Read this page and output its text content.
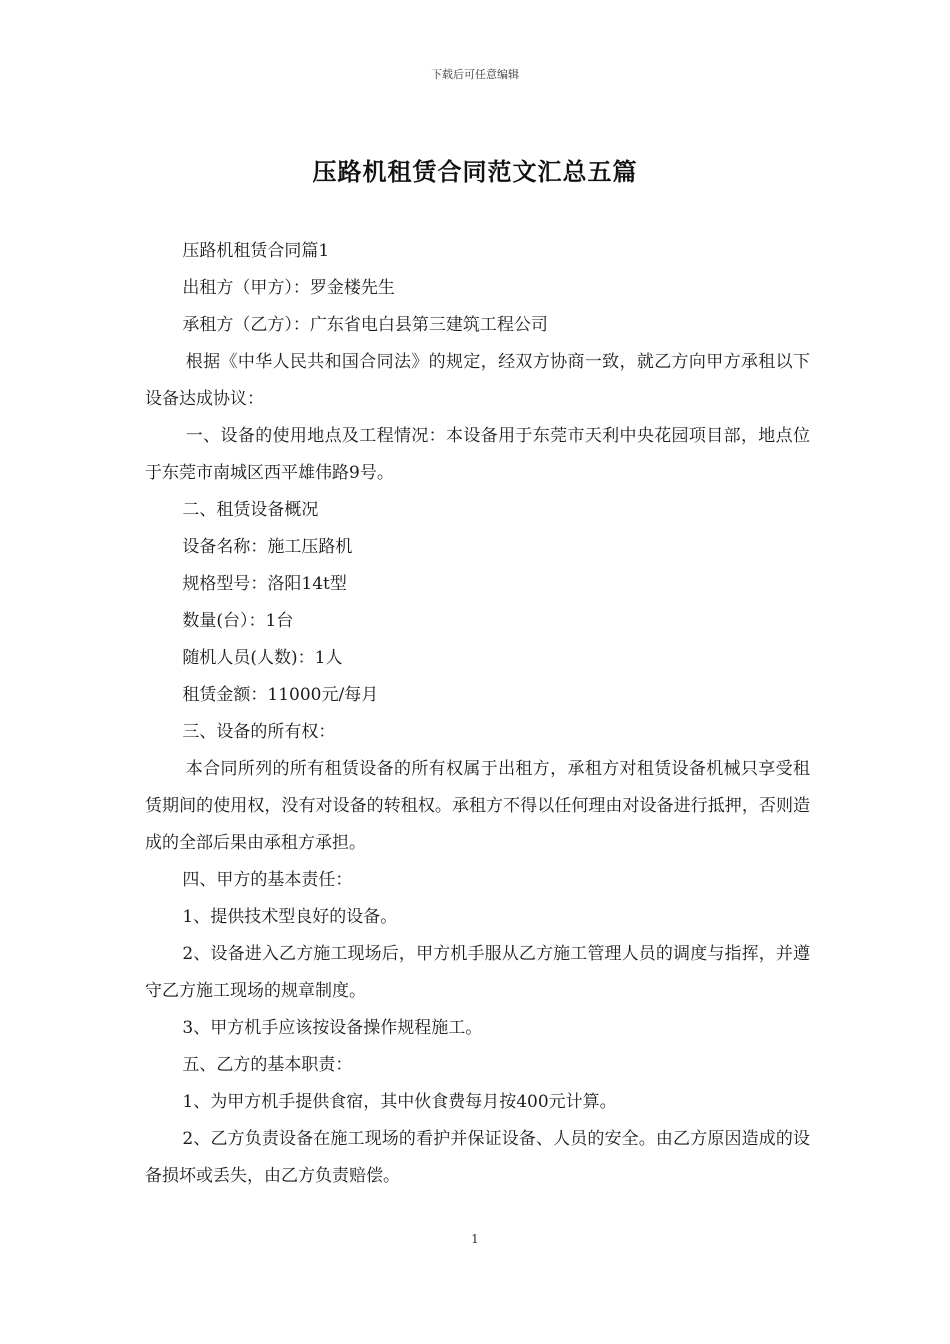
下载后可任意编辑
压路机租赁合同范文汇总五篇

压路机租赁合同篇1

出租方（甲方）：罗金楼先生

承租方（乙方）：广东省电白县第三建筑工程公司

根据《中华人民共和国合同法》的规定，经双方协商一致，就乙方向甲方承租以下设备达成协议：

一、设备的使用地点及工程情况：本设备用于东莞市天利中央花园项目部，地点位于东莞市南城区西平雄伟路9号。

二、租赁设备概况

设备名称：施工压路机

规格型号：洛阳14t型

数量(台）：1台

随机人员(人数)：1人

租赁金额：11000元/每月

三、设备的所有权：

本合同所列的所有租赁设备的所有权属于出租方，承租方对租赁设备机械只享受租赁期间的使用权，没有对设备的转租权。承租方不得以任何理由对设备进行抵押，否则造成的全部后果由承租方承担。

四、甲方的基本责任：

1、提供技术型良好的设备。

2、设备进入乙方施工现场后，甲方机手服从乙方施工管理人员的调度与指挥，并遵守乙方施工现场的规章制度。

3、甲方机手应该按设备操作规程施工。

五、乙方的基本职责：

1、为甲方机手提供食宿，其中伙食费每月按400元计算。

2、乙方负责设备在施工现场的看护并保证设备、人员的安全。由乙方原因造成的设备损坏或丢失，由乙方负责赔偿。

1
